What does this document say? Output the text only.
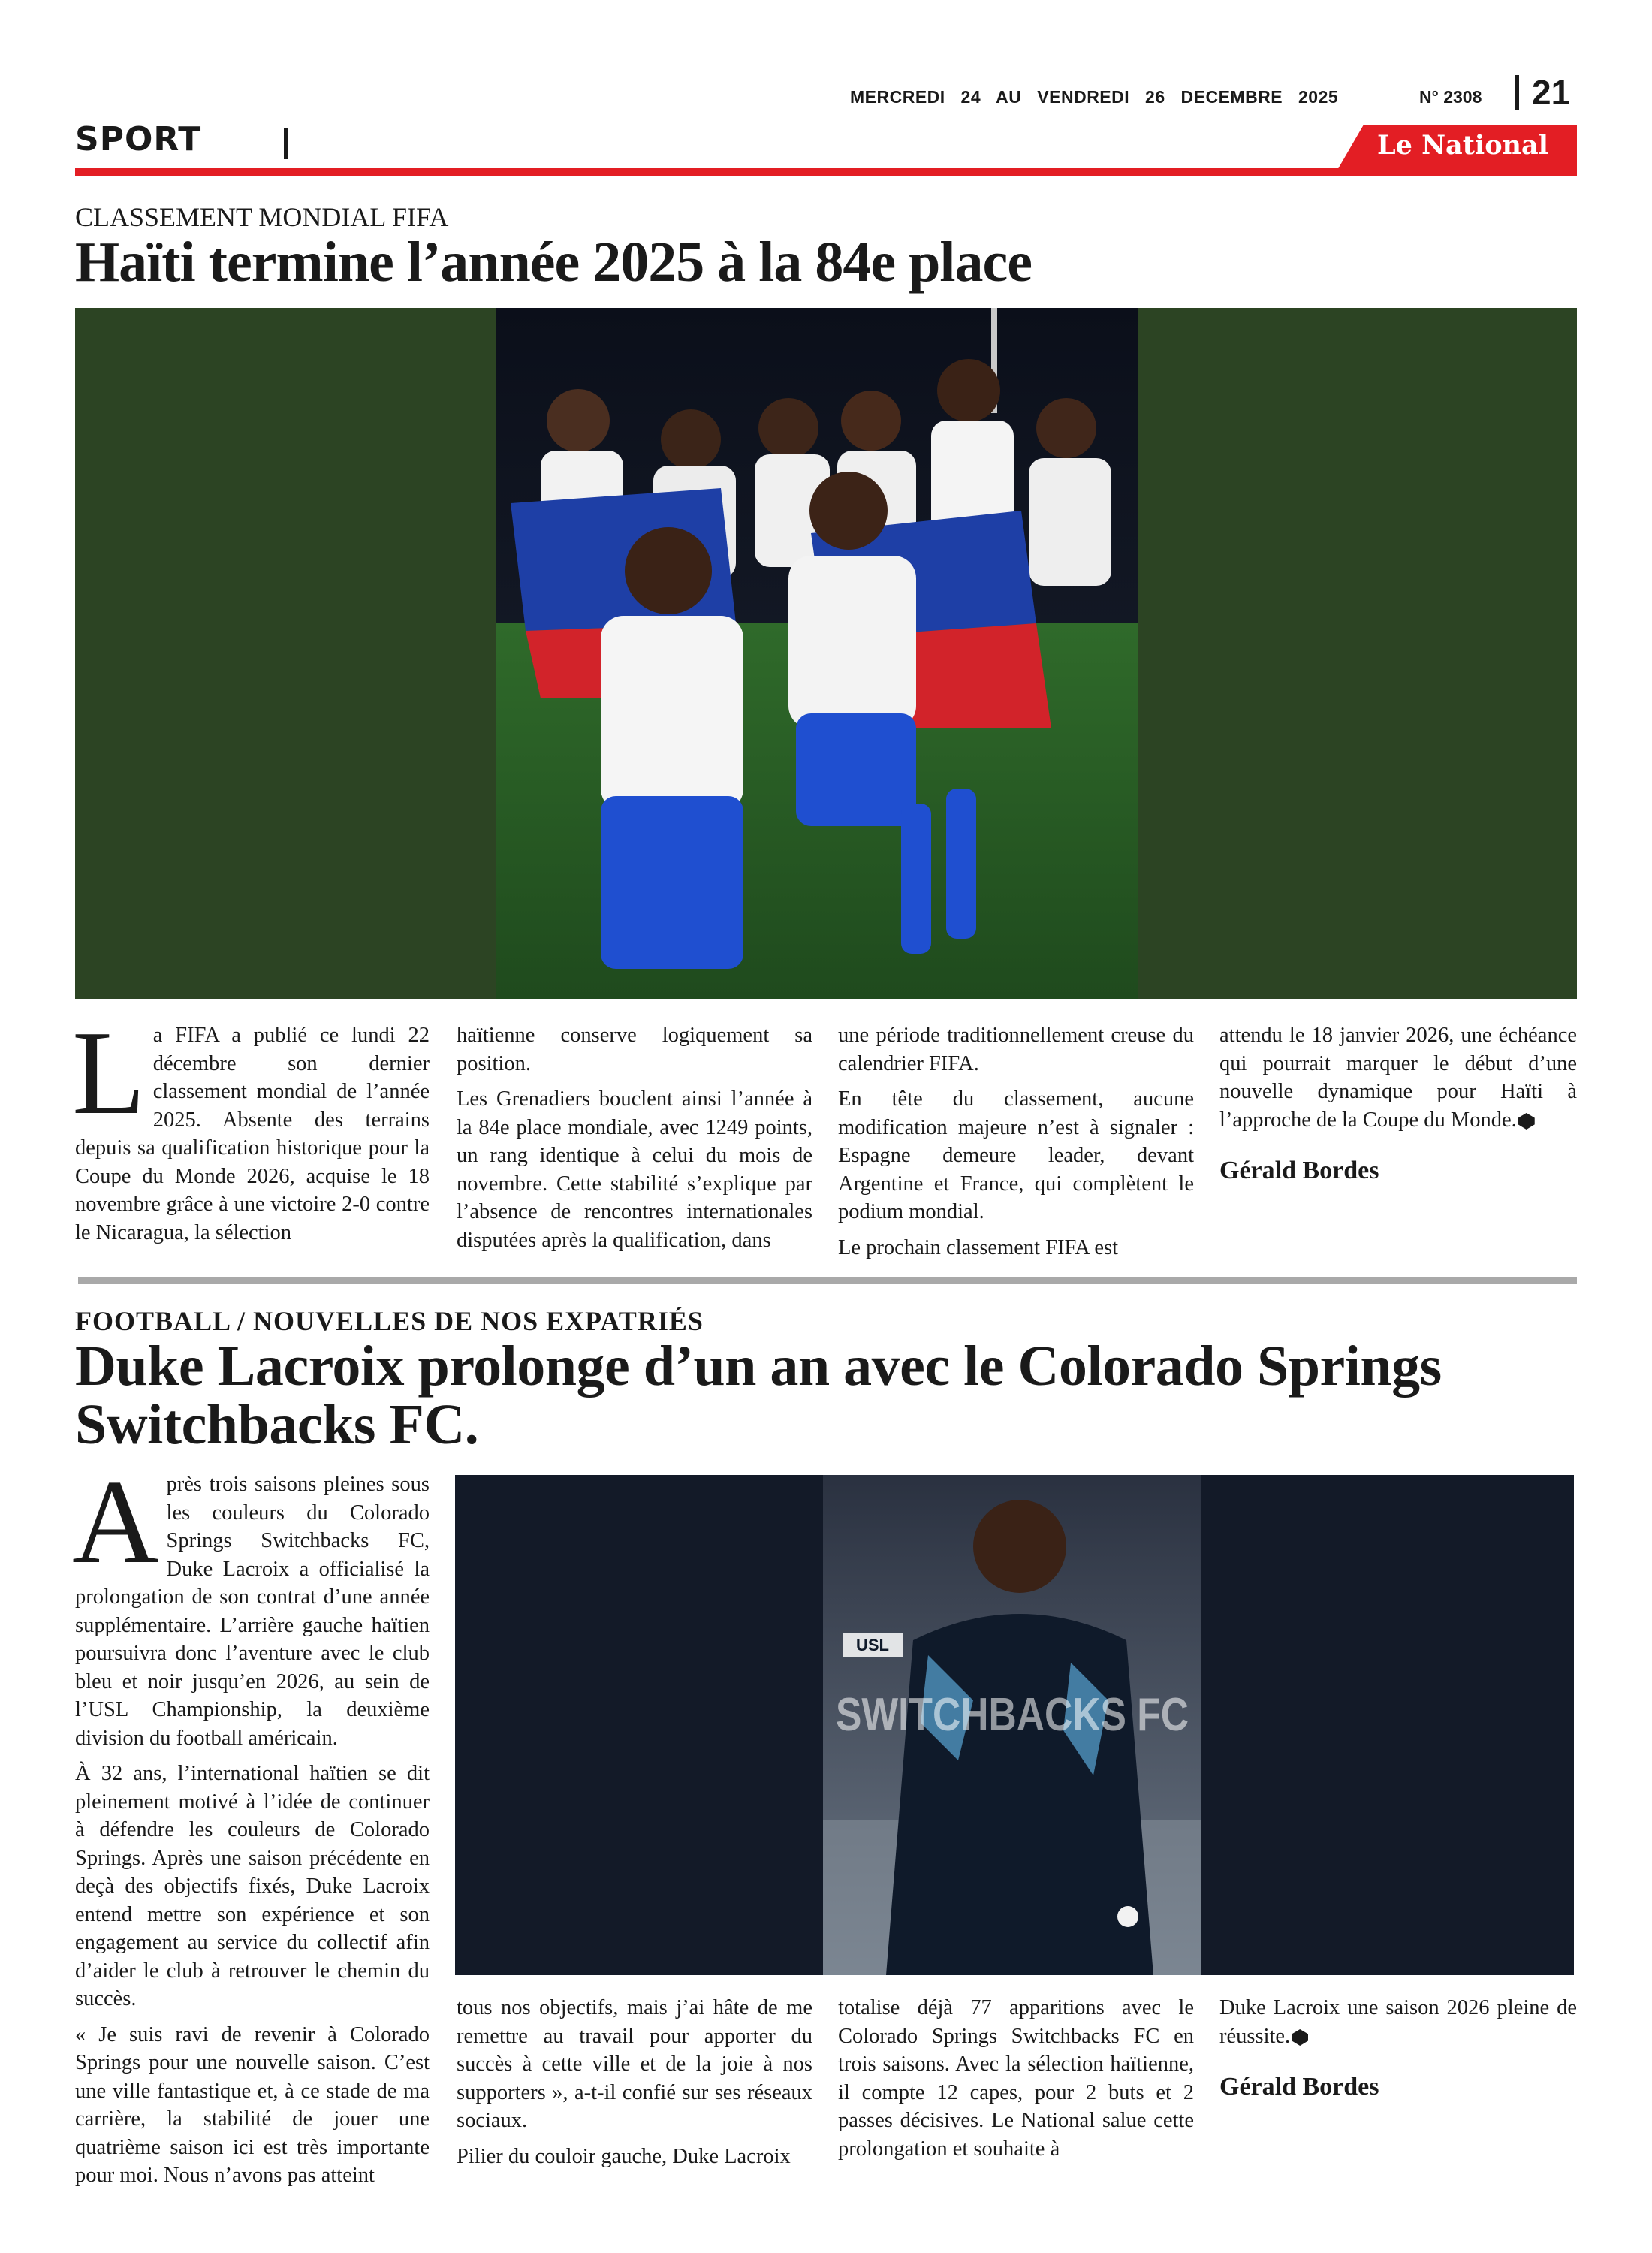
MERCREDI 24 AU VENDREDI 26 DECEMBRE 2025	N° 2308 21
SPORT	Le National
CLASSEMENT MONDIAL FIFA
Haïti termine l’année 2025 à la 84e place
La FIFA a publié ce lundi 22 décembre son dernier classement mondial de l’année 2025. Absente des terrains depuis sa qualification historique pour la Coupe du Monde 2026, acquise le 18 novembre grâce à une victoire 2-0 contre le Nicaragua, la sélection

haïtienne conserve logiquement sa position.

Les Grenadiers bouclent ainsi l’année à la 84e place mondiale, avec 1249 points, un rang identique à celui du mois de novembre. Cette stabilité s’explique par l’absence de rencontres internationales disputées après la qualification, dans

une période traditionnellement creuse du calendrier FIFA.

En tête du classement, aucune modification majeure n’est à signaler : Espagne demeure leader, devant Argentine et France, qui complètent le podium mondial.

Le prochain classement FIFA est

attendu le 18 janvier 2026, une échéance qui pourrait marquer le début d’une nouvelle dynamique pour Haïti à l’approche de la Coupe du Monde.
Gérald Bordes
FOOTBALL / NOUVELLES DE NOS EXPATRIÉS
Duke Lacroix prolonge d’un an avec le Colorado Springs Switchbacks FC.
USL
SWITCHBACKS FC

Après trois saisons pleines sous les couleurs du Colorado Springs Switchbacks FC, Duke Lacroix a officialisé la prolongation de son contrat d’une année supplémentaire. L’arrière gauche haïtien poursuivra donc l’aventure avec le club bleu et noir jusqu’en 2026, au sein de l’USL Championship, la deuxième division du football américain.

À 32 ans, l’international haïtien se dit pleinement motivé à l’idée de continuer à défendre les couleurs de Colorado Springs. Après une saison précédente en deçà des objectifs fixés, Duke Lacroix entend mettre son expérience et son engagement au service du collectif afin d’aider le club à retrouver le chemin du succès.

« Je suis ravi de revenir à Colorado Springs pour une nouvelle saison. C’est une ville fantastique et, à ce stade de ma carrière, la stabilité de jouer une quatrième saison ici est très importante pour moi. Nous n’avons pas atteint

tous nos objectifs, mais j’ai hâte de me remettre au travail pour apporter du succès à cette ville et de la joie à nos supporters », a-t-il confié sur ses réseaux sociaux.

Pilier du couloir gauche, Duke Lacroix

totalise déjà 77 apparitions avec le Colorado Springs Switchbacks FC en trois saisons. Avec la sélection haïtienne, il compte 12 capes, pour 2 buts et 2 passes décisives. Le National salue cette prolongation et souhaite à
Duke Lacroix une saison 2026 pleine de réussite.
Gérald Bordes
